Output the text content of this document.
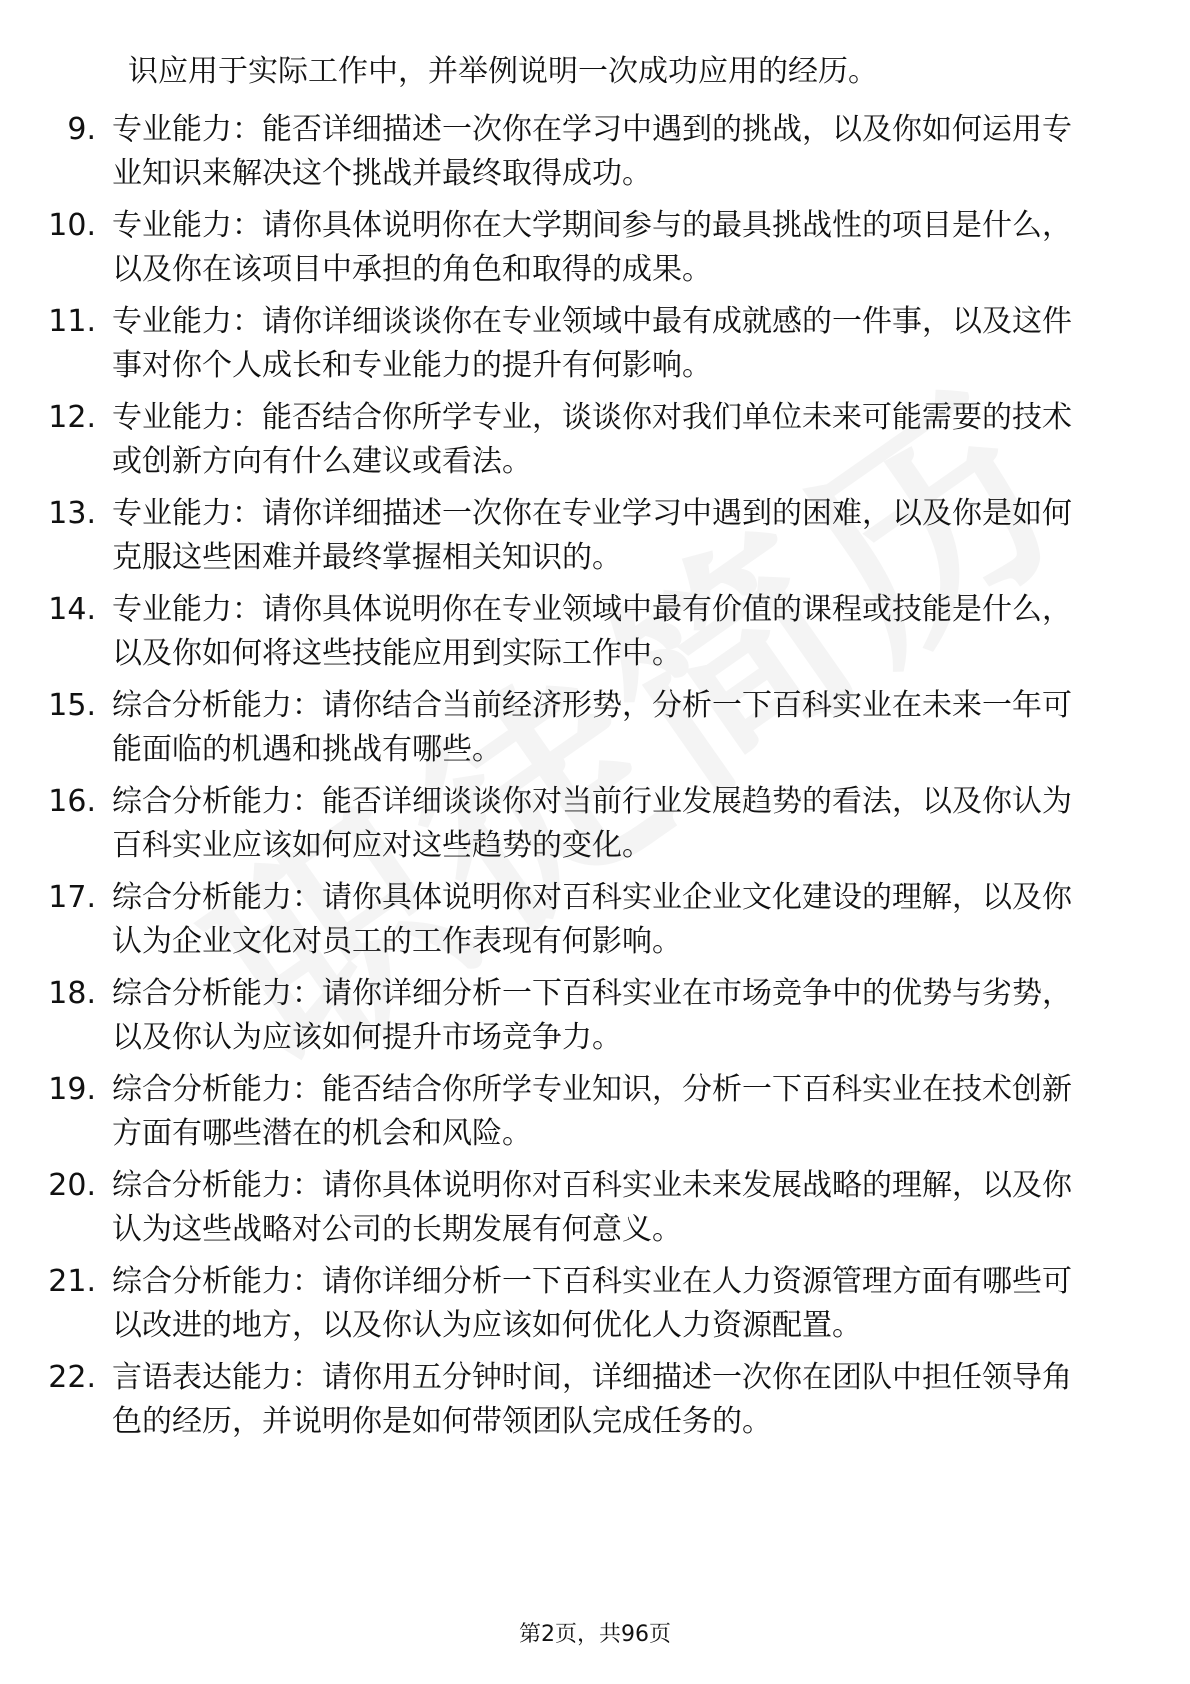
识应用于实际工作中，并举例说明一次成功应用的经历。
9. 专业能力：能否详细描述一次你在学习中遇到的挑战，以及你如何运用专业知识来解决这个挑战并最终取得成功。
10. 专业能力：请你具体说明你在大学期间参与的最具挑战性的项目是什么，以及你在该项目中承担的角色和取得的成果。
11. 专业能力：请你详细谈谈你在专业领域中最有成就感的一件事，以及这件事对你个人成长和专业能力的提升有何影响。
12. 专业能力：能否结合你所学专业，谈谈你对我们单位未来可能需要的技术或创新方向有什么建议或看法。
13. 专业能力：请你详细描述一次你在专业学习中遇到的困难，以及你是如何克服这些困难并最终掌握相关知识的。
14. 专业能力：请你具体说明你在专业领域中最有价值的课程或技能是什么，以及你如何将这些技能应用到实际工作中。
15. 综合分析能力：请你结合当前经济形势，分析一下百科实业在未来一年可能面临的机遇和挑战有哪些。
16. 综合分析能力：能否详细谈谈你对当前行业发展趋势的看法，以及你认为百科实业应该如何应对这些趋势的变化。
17. 综合分析能力：请你具体说明你对百科实业企业文化建设的理解，以及你认为企业文化对员工的工作表现有何影响。
18. 综合分析能力：请你详细分析一下百科实业在市场竞争中的优势与劣势，以及你认为应该如何提升市场竞争力。
19. 综合分析能力：能否结合你所学专业知识，分析一下百科实业在技术创新方面有哪些潜在的机会和风险。
20. 综合分析能力：请你具体说明你对百科实业未来发展战略的理解，以及你认为这些战略对公司的长期发展有何意义。
21. 综合分析能力：请你详细分析一下百科实业在人力资源管理方面有哪些可以改进的地方，以及你认为应该如何优化人力资源配置。
22. 言语表达能力：请你用五分钟时间，详细描述一次你在团队中担任领导角色的经历，并说明你是如何带领团队完成任务的。
第2页，共96页
